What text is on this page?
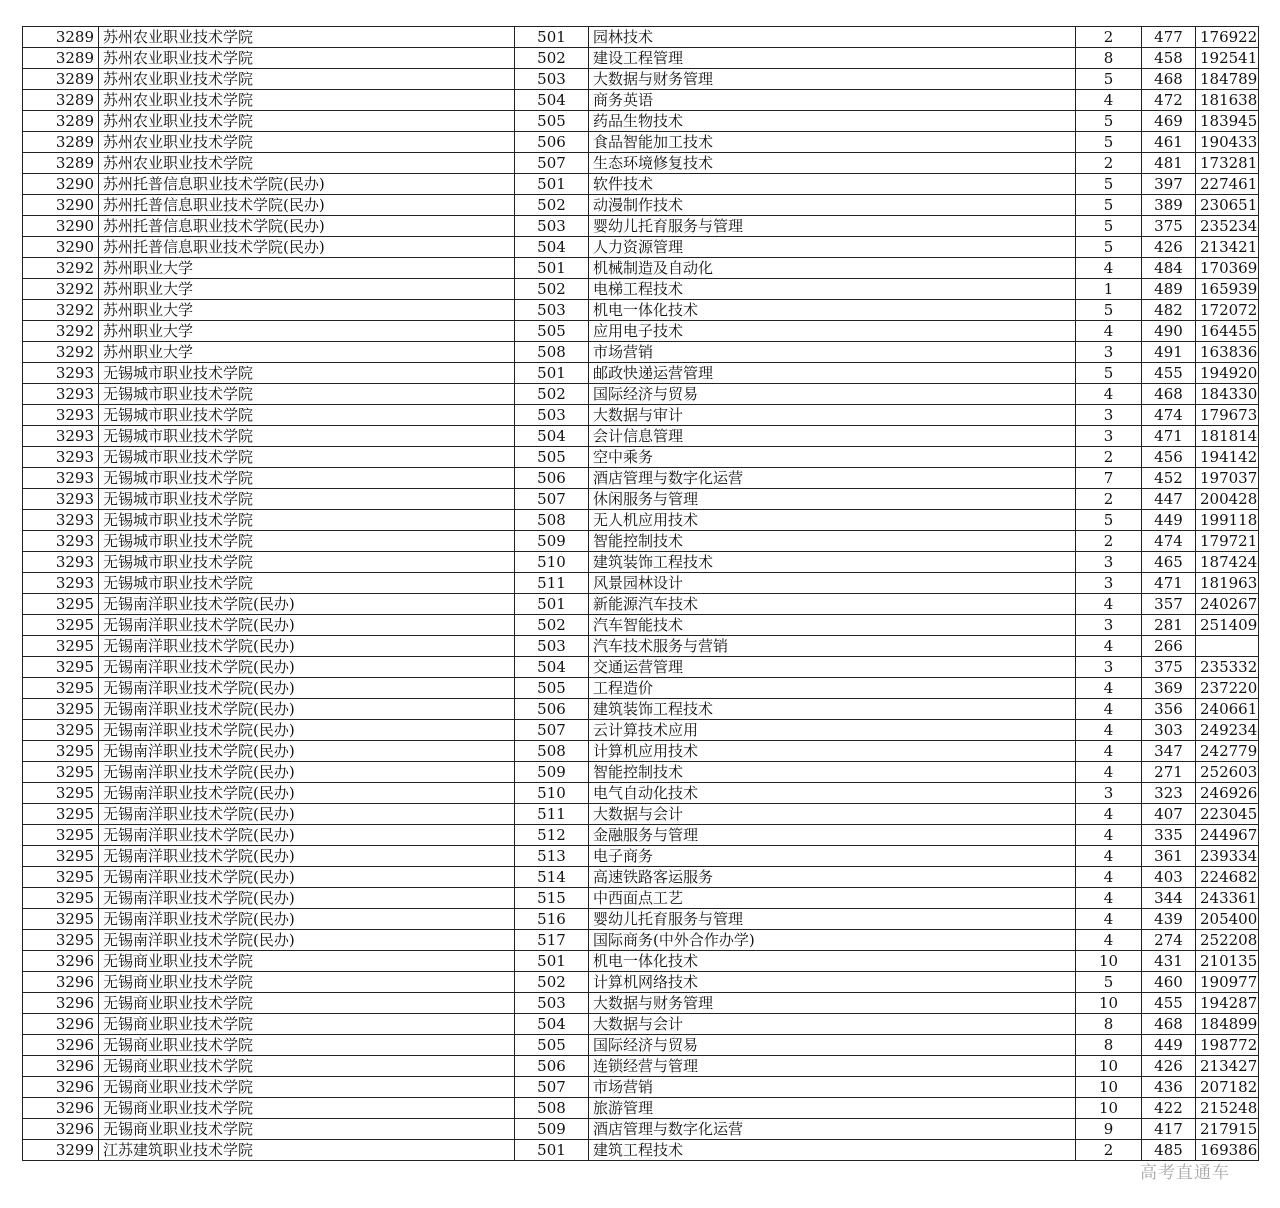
3289	苏州农业职业技术学院	501	园林技术	2	477	176922
3289	苏州农业职业技术学院	502	建设工程管理	8	458	192541
3289	苏州农业职业技术学院	503	大数据与财务管理	5	468	184789
3289	苏州农业职业技术学院	504	商务英语	4	472	181638
3289	苏州农业职业技术学院	505	药品生物技术	5	469	183945
3289	苏州农业职业技术学院	506	食品智能加工技术	5	461	190433
3289	苏州农业职业技术学院	507	生态环境修复技术	2	481	173281
3290	苏州托普信息职业技术学院(民办)	501	软件技术	5	397	227461
3290	苏州托普信息职业技术学院(民办)	502	动漫制作技术	5	389	230651
3290	苏州托普信息职业技术学院(民办)	503	婴幼儿托育服务与管理	5	375	235234
3290	苏州托普信息职业技术学院(民办)	504	人力资源管理	5	426	213421
3292	苏州职业大学	501	机械制造及自动化	4	484	170369
3292	苏州职业大学	502	电梯工程技术	1	489	165939
3292	苏州职业大学	503	机电一体化技术	5	482	172072
3292	苏州职业大学	505	应用电子技术	4	490	164455
3292	苏州职业大学	508	市场营销	3	491	163836
3293	无锡城市职业技术学院	501	邮政快递运营管理	5	455	194920
3293	无锡城市职业技术学院	502	国际经济与贸易	4	468	184330
3293	无锡城市职业技术学院	503	大数据与审计	3	474	179673
3293	无锡城市职业技术学院	504	会计信息管理	3	471	181814
3293	无锡城市职业技术学院	505	空中乘务	2	456	194142
3293	无锡城市职业技术学院	506	酒店管理与数字化运营	7	452	197037
3293	无锡城市职业技术学院	507	休闲服务与管理	2	447	200428
3293	无锡城市职业技术学院	508	无人机应用技术	5	449	199118
3293	无锡城市职业技术学院	509	智能控制技术	2	474	179721
3293	无锡城市职业技术学院	510	建筑装饰工程技术	3	465	187424
3293	无锡城市职业技术学院	511	风景园林设计	3	471	181963
3295	无锡南洋职业技术学院(民办)	501	新能源汽车技术	4	357	240267
3295	无锡南洋职业技术学院(民办)	502	汽车智能技术	3	281	251409
3295	无锡南洋职业技术学院(民办)	503	汽车技术服务与营销	4	266	
3295	无锡南洋职业技术学院(民办)	504	交通运营管理	3	375	235332
3295	无锡南洋职业技术学院(民办)	505	工程造价	4	369	237220
3295	无锡南洋职业技术学院(民办)	506	建筑装饰工程技术	4	356	240661
3295	无锡南洋职业技术学院(民办)	507	云计算技术应用	4	303	249234
3295	无锡南洋职业技术学院(民办)	508	计算机应用技术	4	347	242779
3295	无锡南洋职业技术学院(民办)	509	智能控制技术	4	271	252603
3295	无锡南洋职业技术学院(民办)	510	电气自动化技术	3	323	246926
3295	无锡南洋职业技术学院(民办)	511	大数据与会计	4	407	223045
3295	无锡南洋职业技术学院(民办)	512	金融服务与管理	4	335	244967
3295	无锡南洋职业技术学院(民办)	513	电子商务	4	361	239334
3295	无锡南洋职业技术学院(民办)	514	高速铁路客运服务	4	403	224682
3295	无锡南洋职业技术学院(民办)	515	中西面点工艺	4	344	243361
3295	无锡南洋职业技术学院(民办)	516	婴幼儿托育服务与管理	4	439	205400
3295	无锡南洋职业技术学院(民办)	517	国际商务(中外合作办学)	4	274	252208
3296	无锡商业职业技术学院	501	机电一体化技术	10	431	210135
3296	无锡商业职业技术学院	502	计算机网络技术	5	460	190977
3296	无锡商业职业技术学院	503	大数据与财务管理	10	455	194287
3296	无锡商业职业技术学院	504	大数据与会计	8	468	184899
3296	无锡商业职业技术学院	505	国际经济与贸易	8	449	198772
3296	无锡商业职业技术学院	506	连锁经营与管理	10	426	213427
3296	无锡商业职业技术学院	507	市场营销	10	436	207182
3296	无锡商业职业技术学院	508	旅游管理	10	422	215248
3296	无锡商业职业技术学院	509	酒店管理与数字化运营	9	417	217915
3299	江苏建筑职业技术学院	501	建筑工程技术	2	485	169386
高考直通车
